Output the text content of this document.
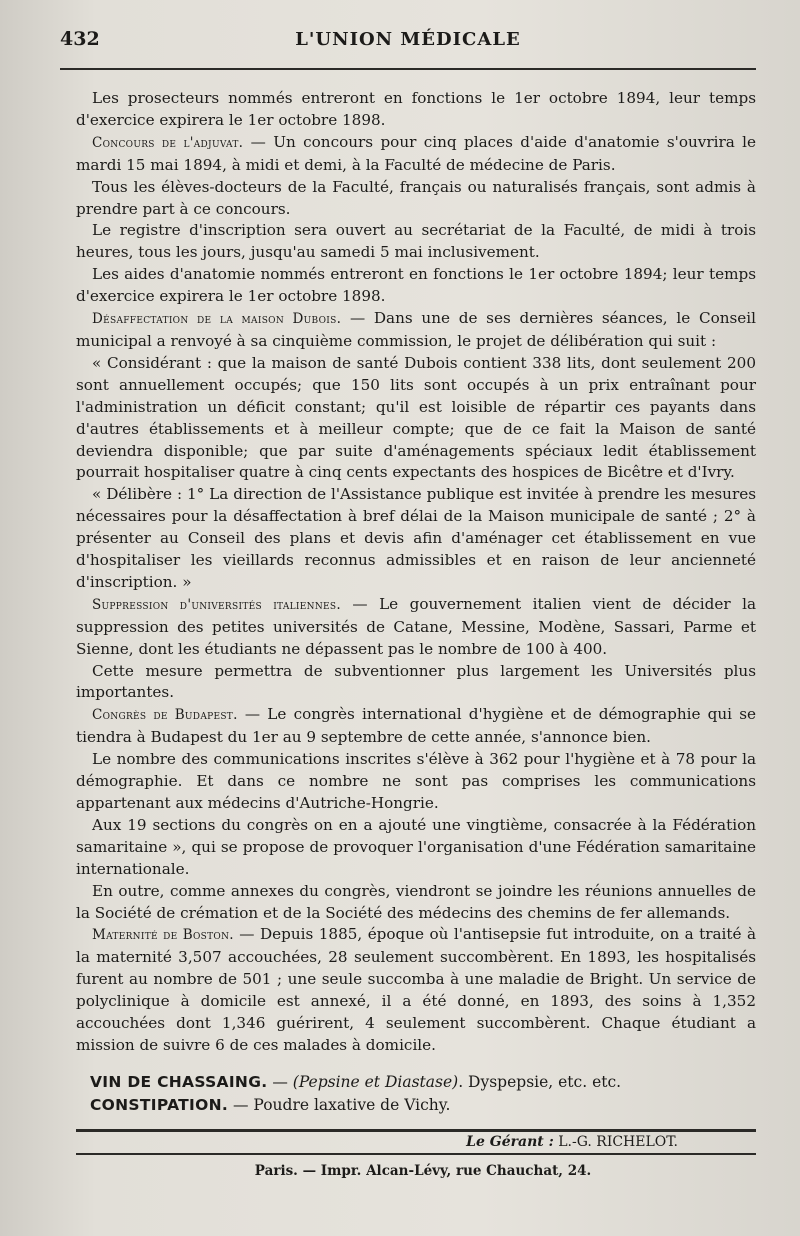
432	L'UNION MÉDICALE

Les prosecteurs nommés entreront en fonctions le 1er octobre 1894, leur temps d'exercice expirera le 1er octobre 1898.

Concours de l'adjuvat. — Un concours pour cinq places d'aide d'anatomie s'ouvrira le mardi 15 mai 1894, à midi et demi, à la Faculté de médecine de Paris.

Tous les élèves-docteurs de la Faculté, français ou naturalisés français, sont admis à prendre part à ce concours.

Le registre d'inscription sera ouvert au secrétariat de la Faculté, de midi à trois heures, tous les jours, jusqu'au samedi 5 mai inclusivement.

Les aides d'anatomie nommés entreront en fonctions le 1er octobre 1894; leur temps d'exercice expirera le 1er octobre 1898.

Désaffectation de la maison Dubois. — Dans une de ses dernières séances, le Conseil municipal a renvoyé à sa cinquième commission, le projet de délibération qui suit :

« Considérant : que la maison de santé Dubois contient 338 lits, dont seulement 200 sont annuellement occupés; que 150 lits sont occupés à un prix entraînant pour l'administration un déficit constant; qu'il est loisible de répartir ces payants dans d'autres établissements et à meilleur compte; que de ce fait la Maison de santé deviendra disponible; que par suite d'aménagements spéciaux ledit établissement pourrait hospitaliser quatre à cinq cents expectants des hospices de Bicêtre et d'Ivry.

« Délibère : 1° La direction de l'Assistance publique est invitée à prendre les mesures nécessaires pour la désaffectation à bref délai de la Maison municipale de santé ; 2° à présenter au Conseil des plans et devis afin d'aménager cet établissement en vue d'hospitaliser les vieillards reconnus admissibles et en raison de leur ancienneté d'inscription. »

Suppression d'universités italiennes. — Le gouvernement italien vient de décider la suppression des petites universités de Catane, Messine, Modène, Sassari, Parme et Sienne, dont les étudiants ne dépassent pas le nombre de 100 à 400.

Cette mesure permettra de subventionner plus largement les Universités plus importantes.

Congrès de Budapest. — Le congrès international d'hygiène et de démographie qui se tiendra à Budapest du 1er au 9 septembre de cette année, s'annonce bien.

Le nombre des communications inscrites s'élève à 362 pour l'hygiène et à 78 pour la démographie. Et dans ce nombre ne sont pas comprises les communications appartenant aux médecins d'Autriche-Hongrie.

Aux 19 sections du congrès on en a ajouté une vingtième, consacrée à la Fédération samaritaine », qui se propose de provoquer l'organisation d'une Fédération samaritaine internationale.

En outre, comme annexes du congrès, viendront se joindre les réunions annuelles de la Société de crémation et de la Société des médecins des chemins de fer allemands.

Maternité de Boston. — Depuis 1885, époque où l'antisepsie fut introduite, on a traité à la maternité 3,507 accouchées, 28 seulement succombèrent. En 1893, les hospitalisés furent au nombre de 501 ; une seule succomba à une maladie de Bright. Un service de polyclinique à domicile est annexé, il a été donné, en 1893, des soins à 1,352 accouchées dont 1,346 guérirent, 4 seulement succombèrent. Chaque étudiant a mission de suivre 6 de ces malades à domicile.

VIN DE CHASSAING. — (Pepsine et Diastase). Dyspepsie, etc. etc.

CONSTIPATION. — Poudre laxative de Vichy.

Le Gérant : L.-G. RICHELOT.
Paris. — Impr. Alcan-Lévy, rue Chauchat, 24.
